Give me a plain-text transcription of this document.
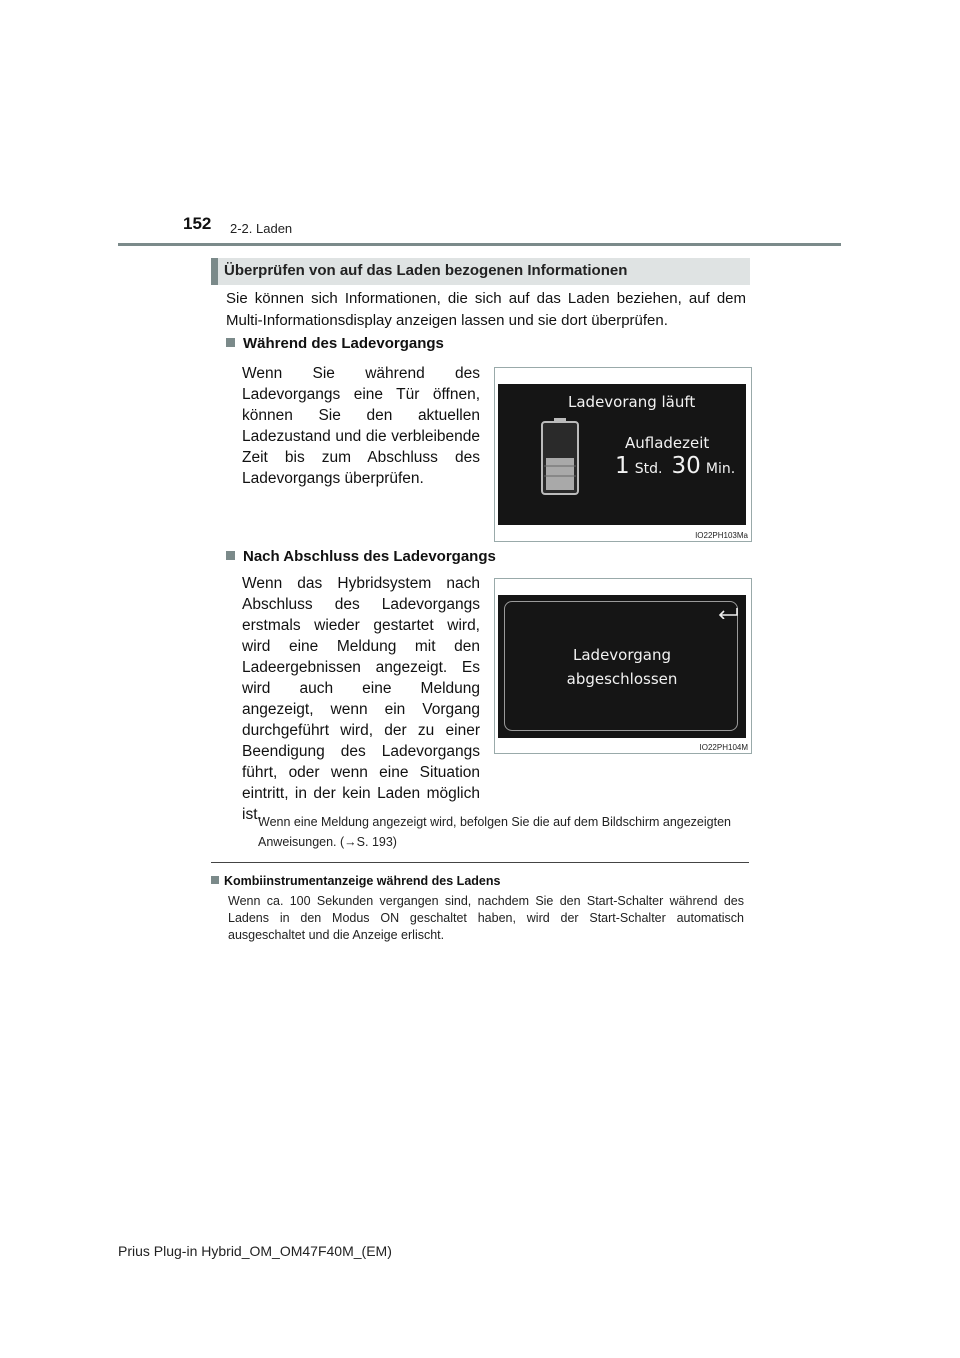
152 2-2. Laden
Überprüfen von auf das Laden bezogenen Informationen
Sie können sich Informationen, die sich auf das Laden beziehen, auf dem Multi-Informationsdisplay anzeigen lassen und sie dort überprüfen.
Während des Ladevorgangs
Wenn Sie während des Ladevorgangs eine Tür öffnen, können Sie den aktuellen Ladezustand und die verbleibende Zeit bis zum Abschluss des Ladevorgangs überprüfen.
Ladevorang läuft
Aufladezeit
1 Std. 30 Min.
IO22PH103Ma
Nach Abschluss des Ladevorgangs
Wenn das Hybridsystem nach Abschluss des Ladevorgangs erstmals wieder gestartet wird, wird eine Meldung mit den Ladeergebnissen angezeigt. Es wird auch eine Meldung angezeigt, wenn ein Vorgang durchgeführt wird, der zu einer Beendigung des Ladevorgangs führt, oder wenn eine Situation eintritt, in der kein Laden möglich ist.
Ladevorgang
abgeschlossen
IO22PH104M
Wenn eine Meldung angezeigt wird, befolgen Sie die auf dem Bildschirm angezeigten Anweisungen. (→S. 193)
Kombiinstrumentanzeige während des Ladens
Wenn ca. 100 Sekunden vergangen sind, nachdem Sie den Start-Schalter während des Ladens in den Modus ON geschaltet haben, wird der Start-Schalter automatisch ausgeschaltet und die Anzeige erlischt.
Prius Plug-in Hybrid_OM_OM47F40M_(EM)
